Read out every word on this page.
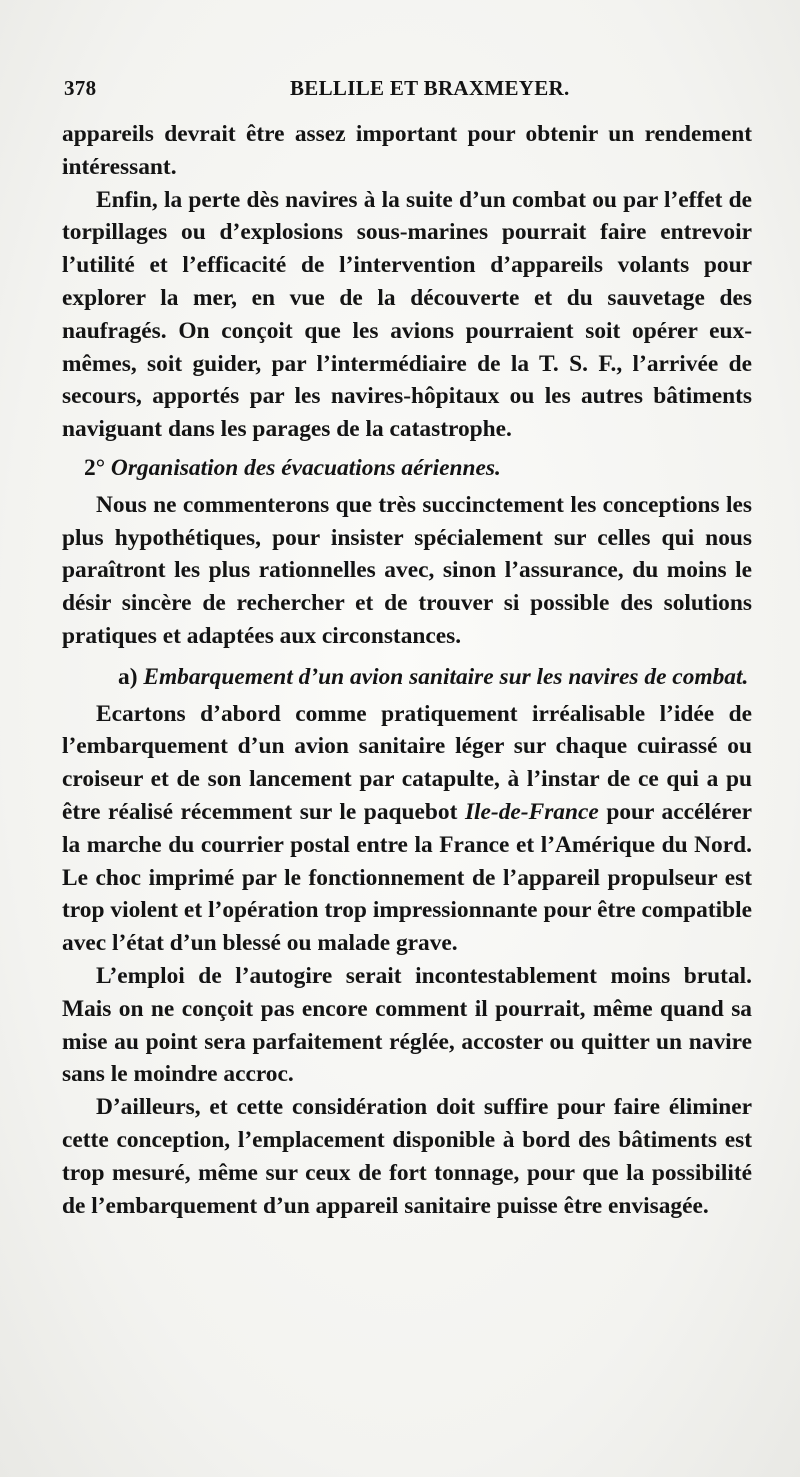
378	BELLILE ET BRAXMEYER.

appareils devrait être assez important pour obtenir un rendement intéressant.

Enfin, la perte dès navires à la suite d’un combat ou par l’effet de torpillages ou d’explosions sous-marines pourrait faire entrevoir l’utilité et l’efficacité de l’intervention d’appareils volants pour explorer la mer, en vue de la découverte et du sauvetage des naufragés. On conçoit que les avions pourraient soit opérer eux-mêmes, soit guider, par l’intermédiaire de la T. S. F., l’arrivée de secours, apportés par les navires-hôpitaux ou les autres bâtiments naviguant dans les parages de la catastrophe.

2° Organisation des évacuations aériennes.

Nous ne commenterons que très succinctement les conceptions les plus hypothétiques, pour insister spécialement sur celles qui nous paraîtront les plus rationnelles avec, sinon l’assurance, du moins le désir sincère de rechercher et de trouver si possible des solutions pratiques et adaptées aux circonstances.

a) Embarquement d’un avion sanitaire sur les navires de combat.

Ecartons d’abord comme pratiquement irréalisable l’idée de l’embarquement d’un avion sanitaire léger sur chaque cuirassé ou croiseur et de son lancement par catapulte, à l’instar de ce qui a pu être réalisé récemment sur le paquebot Ile-de-France pour accélérer la marche du courrier postal entre la France et l’Amérique du Nord. Le choc imprimé par le fonctionnement de l’appareil propulseur est trop violent et l’opération trop impressionnante pour être compatible avec l’état d’un blessé ou malade grave.

L’emploi de l’autogire serait incontestablement moins brutal. Mais on ne conçoit pas encore comment il pourrait, même quand sa mise au point sera parfaitement réglée, accoster ou quitter un navire sans le moindre accroc.

D’ailleurs, et cette considération doit suffire pour faire éliminer cette conception, l’emplacement disponible à bord des bâtiments est trop mesuré, même sur ceux de fort tonnage, pour que la possibilité de l’embarquement d’un appareil sanitaire puisse être envisagée.
